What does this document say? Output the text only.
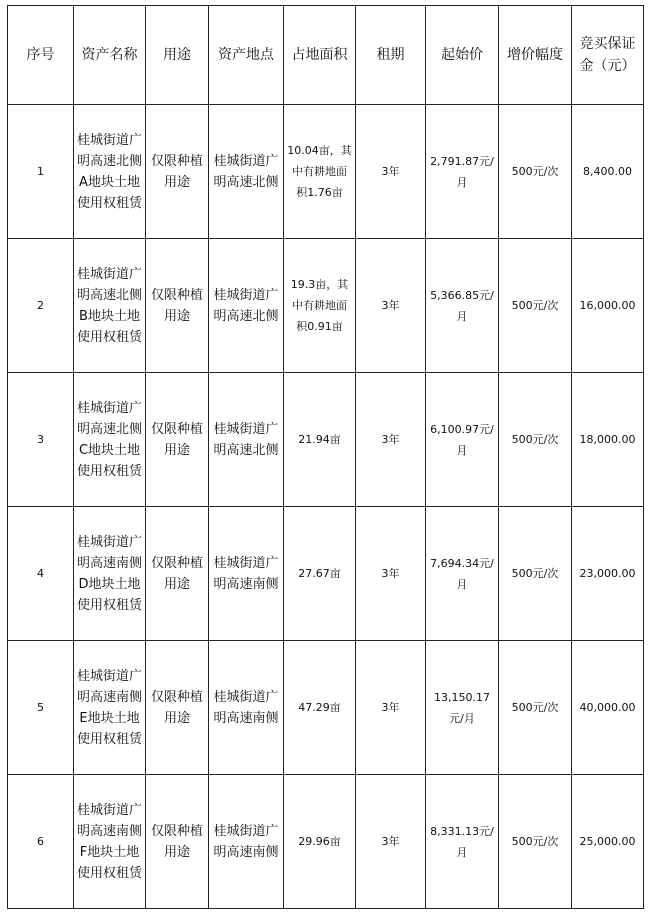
序号	资产名称	用途	资产地点	占地面积	租期	起始价	增价幅度	竞买保证金（元）

1	桂城街道广明高速北侧A地块土地使用权租赁	仅限种植用途	桂城街道广明高速北侧	10.04亩，其中有耕地面积1.76亩	3年	2,791.87元/月	500元/次	8,400.00

2	桂城街道广明高速北侧B地块土地使用权租赁	仅限种植用途	桂城街道广明高速北侧	19.3亩，其中有耕地面积0.91亩	3年	5,366.85元/月	500元/次	16,000.00

3	桂城街道广明高速北侧C地块土地使用权租赁	仅限种植用途	桂城街道广明高速北侧	21.94亩	3年	6,100.97元/月	500元/次	18,000.00

4	桂城街道广明高速南侧D地块土地使用权租赁	仅限种植用途	桂城街道广明高速南侧	27.67亩	3年	7,694.34元/月	500元/次	23,000.00

5	桂城街道广明高速南侧E地块土地使用权租赁	仅限种植用途	桂城街道广明高速南侧	47.29亩	3年	13,150.17元/月	500元/次	40,000.00

6	桂城街道广明高速南侧F地块土地使用权租赁	仅限种植用途	桂城街道广明高速南侧	29.96亩	3年	8,331.13元/月	500元/次	25,000.00
